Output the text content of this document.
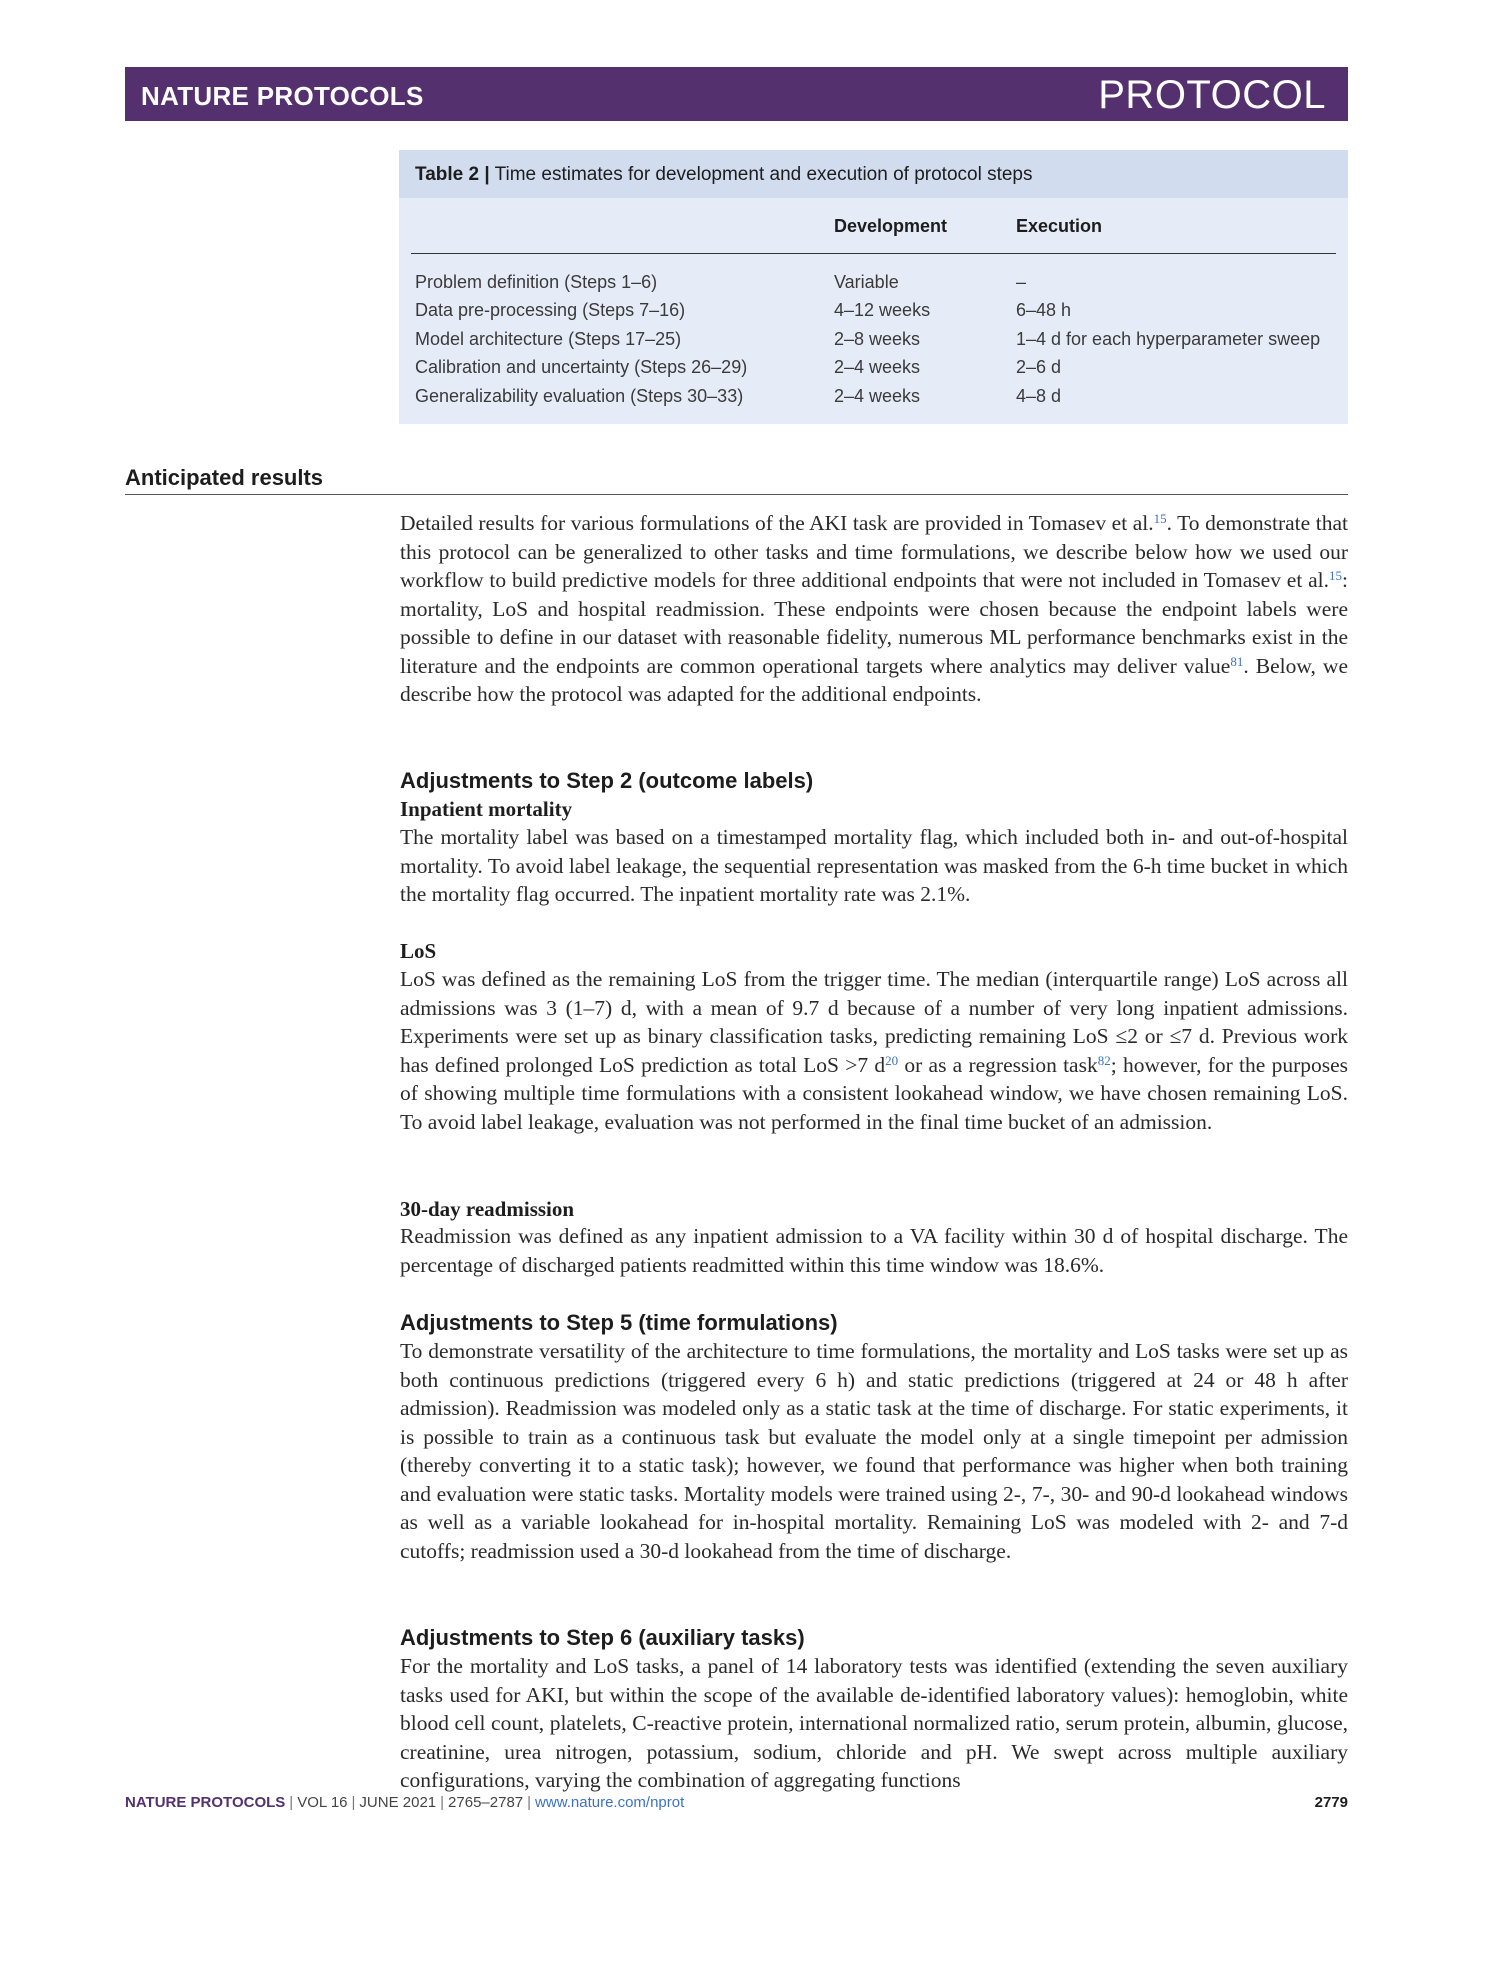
NATURE PROTOCOLS	PROTOCOL
Table 2 | Time estimates for development and execution of protocol steps
Development	Execution
Problem definition (Steps 1–6)	Variable	–
Data pre-processing (Steps 7–16)	4–12 weeks	6–48 h
Model architecture (Steps 17–25)	2–8 weeks	1–4 d for each hyperparameter sweep
Calibration and uncertainty (Steps 26–29)	2–4 weeks	2–6 d
Generalizability evaluation (Steps 30–33)	2–4 weeks	4–8 d
Anticipated results
Detailed results for various formulations of the AKI task are provided in Tomasev et al.$^{15}$. To demonstrate that this protocol can be generalized to other tasks and time formulations, we describe below how we used our workflow to build predictive models for three additional endpoints that were not included in Tomasev et al.$^{15}$: mortality, LoS and hospital readmission. These endpoints were chosen because the endpoint labels were possible to define in our dataset with reasonable fidelity, numerous ML performance benchmarks exist in the literature and the endpoints are common operational targets where analytics may deliver value$^{81}$. Below, we describe how the protocol was adapted for the additional endpoints.
Adjustments to Step 2 (outcome labels)
Inpatient mortality
The mortality label was based on a timestamped mortality flag, which included both in- and out-of-hospital mortality. To avoid label leakage, the sequential representation was masked from the 6-h time bucket in which the mortality flag occurred. The inpatient mortality rate was 2.1%.
LoS
LoS was defined as the remaining LoS from the trigger time. The median (interquartile range) LoS across all admissions was 3 (1–7) d, with a mean of 9.7 d because of a number of very long inpatient admissions. Experiments were set up as binary classification tasks, predicting remaining LoS ≤2 or ≤7 d. Previous work has defined prolonged LoS prediction as total LoS >7 $d^{20}$ or as a regression task$^{82}$; however, for the purposes of showing multiple time formulations with a consistent lookahead window, we have chosen remaining LoS. To avoid label leakage, evaluation was not performed in the final time bucket of an admission.
30-day readmission
Readmission was defined as any inpatient admission to a VA facility within 30 d of hospital discharge. The percentage of discharged patients readmitted within this time window was 18.6%.
Adjustments to Step 5 (time formulations)
To demonstrate versatility of the architecture to time formulations, the mortality and LoS tasks were set up as both continuous predictions (triggered every 6 h) and static predictions (triggered at 24 or 48 h after admission). Readmission was modeled only as a static task at the time of discharge. For static experiments, it is possible to train as a continuous task but evaluate the model only at a single timepoint per admission (thereby converting it to a static task); however, we found that performance was higher when both training and evaluation were static tasks. Mortality models were trained using 2-, 7-, 30- and 90-d lookahead windows as well as a variable lookahead for in-hospital mortality. Remaining LoS was modeled with 2- and 7-d cutoffs; readmission used a 30-d lookahead from the time of discharge.
Adjustments to Step 6 (auxiliary tasks)
For the mortality and LoS tasks, a panel of 14 laboratory tests was identified (extending the seven auxiliary tasks used for AKI, but within the scope of the available de-identified laboratory values): hemoglobin, white blood cell count, platelets, C-reactive protein, international normalized ratio, serum protein, albumin, glucose, creatinine, urea nitrogen, potassium, sodium, chloride and pH. We swept across multiple auxiliary configurations, varying the combination of aggregating functions
NATURE PROTOCOLS | VOL 16 | JUNE 2021 | 2765–2787 | www.nature.com/nprot	2779
